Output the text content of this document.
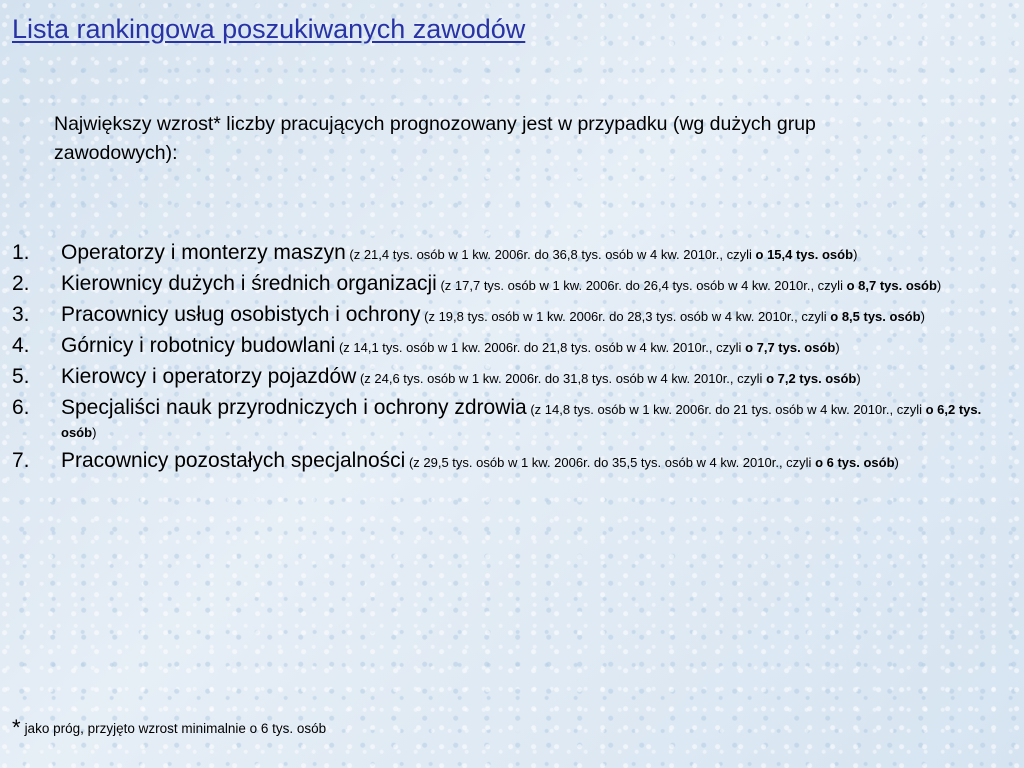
Lista rankingowa poszukiwanych zawodów
Największy wzrost* liczby pracujących prognozowany jest w przypadku (wg dużych grup zawodowych):
1. Operatorzy i monterzy maszyn (z 21,4 tys. osób w 1 kw. 2006r. do 36,8 tys. osób w 4 kw. 2010r., czyli o 15,4 tys. osób)
2. Kierownicy dużych i średnich organizacji (z 17,7 tys. osób w 1 kw. 2006r. do 26,4 tys. osób w 4 kw. 2010r., czyli o 8,7 tys. osób)
3. Pracownicy usług osobistych i ochrony (z 19,8 tys. osób w 1 kw. 2006r. do 28,3 tys. osób w 4 kw. 2010r., czyli o 8,5 tys. osób)
4. Górnicy i robotnicy budowlani (z 14,1 tys. osób w 1 kw. 2006r. do 21,8 tys. osób w 4 kw. 2010r., czyli o 7,7 tys. osób)
5. Kierowcy i operatorzy pojazdów (z 24,6 tys. osób w 1 kw. 2006r. do 31,8 tys. osób w 4 kw. 2010r., czyli o 7,2 tys. osób)
6. Specjaliści nauk przyrodniczych i ochrony zdrowia (z 14,8 tys. osób w 1 kw. 2006r. do 21 tys. osób w 4 kw. 2010r., czyli o 6,2 tys. osób)
7. Pracownicy pozostałych specjalności (z 29,5 tys. osób w 1 kw. 2006r. do 35,5 tys. osób w 4 kw. 2010r., czyli o 6 tys. osób)
* jako próg, przyjęto wzrost minimalnie o 6 tys. osób
